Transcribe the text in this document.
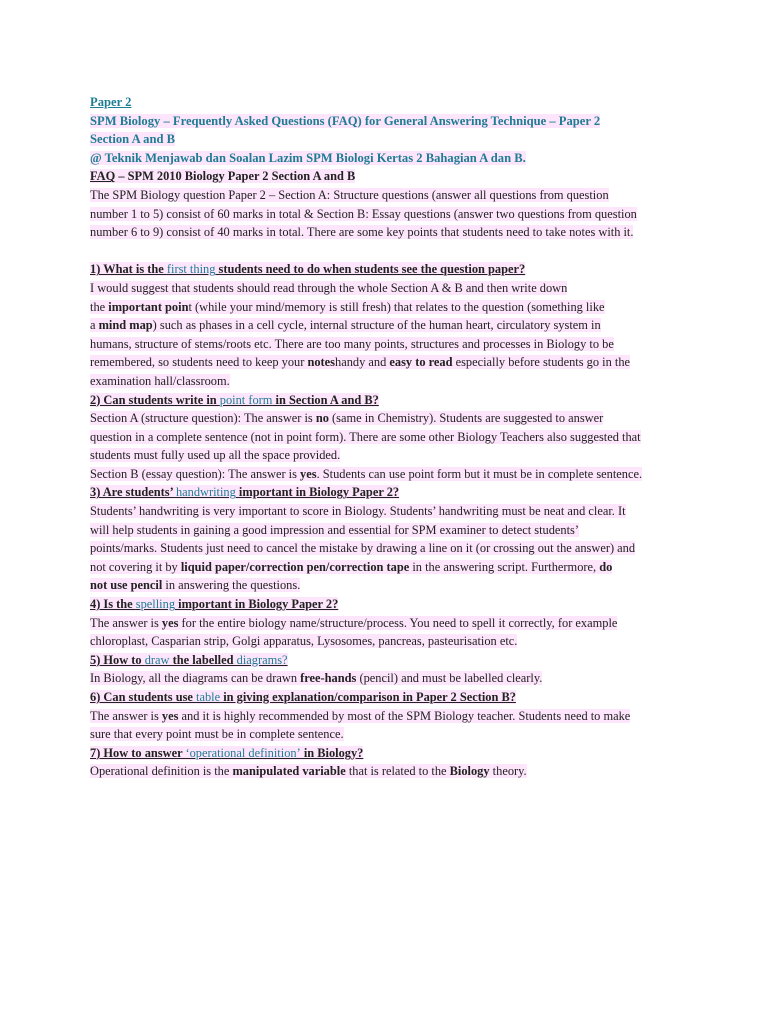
Paper 2
SPM Biology – Frequently Asked Questions (FAQ) for General Answering Technique – Paper 2
Section A and B
@ Teknik Menjawab dan Soalan Lazim SPM Biologi Kertas 2 Bahagian A dan B.
FAQ – SPM 2010 Biology Paper 2 Section A and B
The SPM Biology question Paper 2 – Section A: Structure questions (answer all questions from question
number 1 to 5) consist of 60 marks in total & Section B: Essay questions (answer two questions from question
number 6 to 9) consist of 40 marks in total. There are some key points that students need to take notes with it.
1) What is the first thing students need to do when students see the question paper?
I would suggest that students should read through the whole Section A & B and then write down
the important point (while your mind/memory is still fresh) that relates to the question (something like
a mind map) such as phases in a cell cycle, internal structure of the human heart, circulatory system in
humans, structure of stems/roots etc. There are too many points, structures and processes in Biology to be
remembered, so students need to keep your noteshandy and easy to read especially before students go in the
examination hall/classroom.
2) Can students write in point form in Section A and B?
Section A (structure question): The answer is no (same in Chemistry). Students are suggested to answer
question in a complete sentence (not in point form). There are some other Biology Teachers also suggested that
students must fully used up all the space provided.
Section B (essay question): The answer is yes. Students can use point form but it must be in complete sentence.
3) Are students’ handwriting important in Biology Paper 2?
Students’ handwriting is very important to score in Biology. Students’ handwriting must be neat and clear. It
will help students in gaining a good impression and essential for SPM examiner to detect students’
points/marks. Students just need to cancel the mistake by drawing a line on it (or crossing out the answer) and
not covering it by liquid paper/correction pen/correction tape in the answering script. Furthermore, do
not use pencil in answering the questions.
4) Is the spelling important in Biology Paper 2?
The answer is yes for the entire biology name/structure/process. You need to spell it correctly, for example
chloroplast, Casparian strip, Golgi apparatus, Lysosomes, pancreas, pasteurisation etc.
5) How to draw the labelled diagrams?
In Biology, all the diagrams can be drawn free-hands (pencil) and must be labelled clearly.
6) Can students use table in giving explanation/comparison in Paper 2 Section B?
The answer is yes and it is highly recommended by most of the SPM Biology teacher. Students need to make
sure that every point must be in complete sentence.
7) How to answer ‘operational definition’ in Biology?
Operational definition is the manipulated variable that is related to the Biology theory.
